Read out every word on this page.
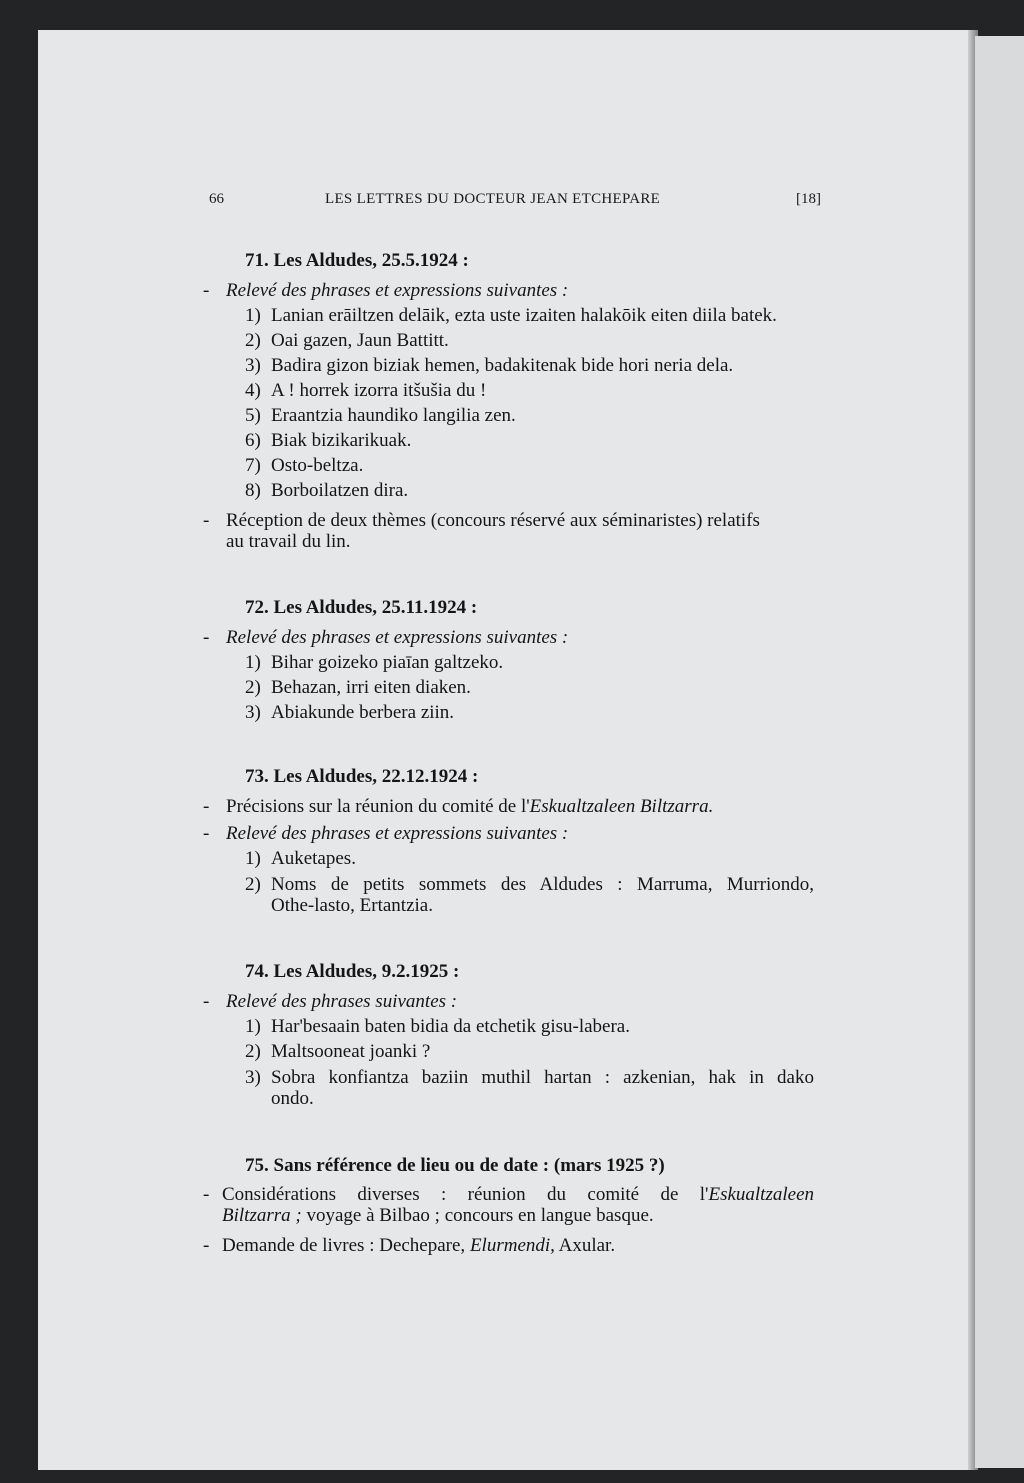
66	LES LETTRES DU DOCTEUR JEAN ETCHEPARE	[18]
71. Les Aldudes, 25.5.1924 :
- Relevé des phrases et expressions suivantes :
1) Lanian erāiltzen delāik, ezta uste izaiten halakōik eiten diila batek.
2) Oai gazen, Jaun Battitt.
3) Badira gizon biziak hemen, badakitenak bide hori neria dela.
4) A ! horrek izorra itšušia du !
5) Eraantzia haundiko langilia zen.
6) Biak bizikarikuak.
7) Osto-beltza.
8) Borboilatzen dira.
- Réception de deux thèmes (concours réservé aux séminaristes) relatifs
au travail du lin.
72. Les Aldudes, 25.11.1924 :
- Relevé des phrases et expressions suivantes :
1) Bihar goizeko piaīan galtzeko.
2) Behazan, irri eiten diaken.
3) Abiakunde berbera ziin.
73. Les Aldudes, 22.12.1924 :
- Précisions sur la réunion du comité de l'Eskualtzaleen Biltzarra.
- Relevé des phrases et expressions suivantes :
1) Auketapes.
2) Noms de petits sommets des Aldudes : Marruma, Murriondo,
Othe-lasto, Ertantzia.
74. Les Aldudes, 9.2.1925 :
- Relevé des phrases suivantes :
1) Har'besaain baten bidia da etchetik gisu-labera.
2) Maltsooneat joanki ?
3) Sobra konfiantza baziin muthil hartan : azkenian, hak in dako
ondo.
75. Sans référence de lieu ou de date : (mars 1925 ?)
- Considérations diverses : réunion du comité de l'Eskualtzaleen
Biltzarra ; voyage à Bilbao ; concours en langue basque.
- Demande de livres : Dechepare, Elurmendi, Axular.
